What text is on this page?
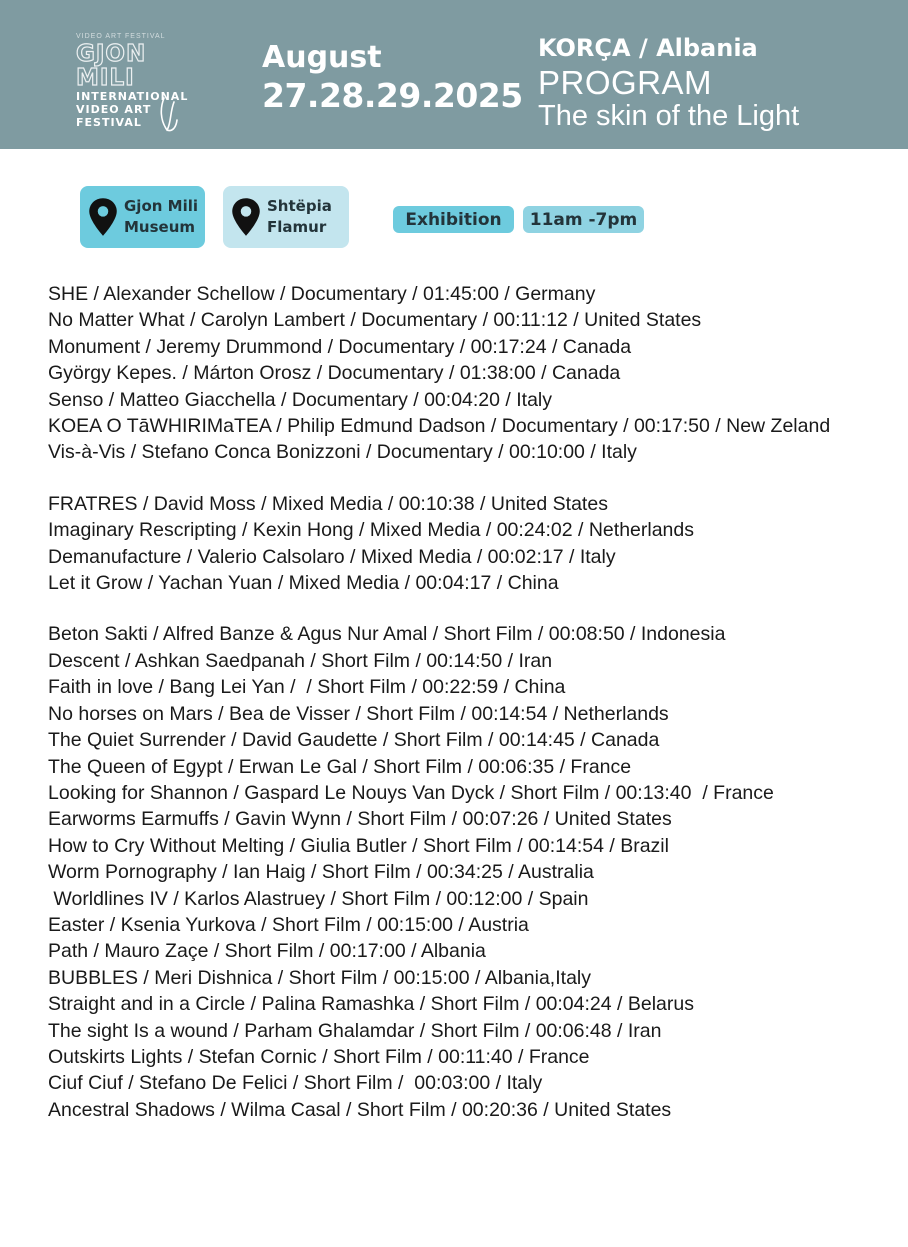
VIDEO ART FESTIVAL
GJON MILI
INTERNATIONAL
VIDEO ART
FESTIVAL
August
27.28.29.2025
KORÇA / Albania
PROGRAM
The skin of the Light
Gjon Mili
Museum
Shtëpia
Flamur	Exhibition	11am -7pm
SHE / Alexander Schellow / Documentary / 01:45:00 / Germany
No Matter What / Carolyn Lambert / Documentary / 00:11:12 / United States
Monument / Jeremy Drummond / Documentary / 00:17:24 / Canada
György Kepes. / Márton Orosz / Documentary / 01:38:00 / Canada
Senso / Matteo Giacchella / Documentary / 00:04:20 / Italy
KOEA O TāWHIRIMaTEA / Philip Edmund Dadson / Documentary / 00:17:50 / New Zeland
Vis-à-Vis / Stefano Conca Bonizzoni / Documentary / 00:10:00 / Italy
FRATRES / David Moss / Mixed Media / 00:10:38 / United States
Imaginary Rescripting / Kexin Hong / Mixed Media / 00:24:02 / Netherlands
Demanufacture / Valerio Calsolaro / Mixed Media / 00:02:17 / Italy
Let it Grow / Yachan Yuan / Mixed Media / 00:04:17 / China
Beton Sakti / Alfred Banze & Agus Nur Amal / Short Film / 00:08:50 / Indonesia
Descent / Ashkan Saedpanah / Short Film / 00:14:50 / Iran
Faith in love / Bang Lei Yan /  / Short Film / 00:22:59 / China
No horses on Mars / Bea de Visser / Short Film / 00:14:54 / Netherlands
The Quiet Surrender / David Gaudette / Short Film / 00:14:45 / Canada
The Queen of Egypt / Erwan Le Gal / Short Film / 00:06:35 / France
Looking for Shannon / Gaspard Le Nouys Van Dyck / Short Film / 00:13:40  / France
Earworms Earmuffs / Gavin Wynn / Short Film / 00:07:26 / United States
How to Cry Without Melting / Giulia Butler / Short Film / 00:14:54 / Brazil
Worm Pornography / Ian Haig / Short Film / 00:34:25 / Australia
Worldlines IV / Karlos Alastruey / Short Film / 00:12:00 / Spain
Easter / Ksenia Yurkova / Short Film / 00:15:00 / Austria
Path / Mauro Zaçe / Short Film / 00:17:00 / Albania
BUBBLES / Meri Dishnica / Short Film / 00:15:00 / Albania,Italy
Straight and in a Circle / Palina Ramashka / Short Film / 00:04:24 / Belarus
The sight Is a wound / Parham Ghalamdar / Short Film / 00:06:48 / Iran
Outskirts Lights / Stefan Cornic / Short Film / 00:11:40 / France
Ciuf Ciuf / Stefano De Felici / Short Film /  00:03:00 / Italy
Ancestral Shadows / Wilma Casal / Short Film / 00:20:36 / United States
